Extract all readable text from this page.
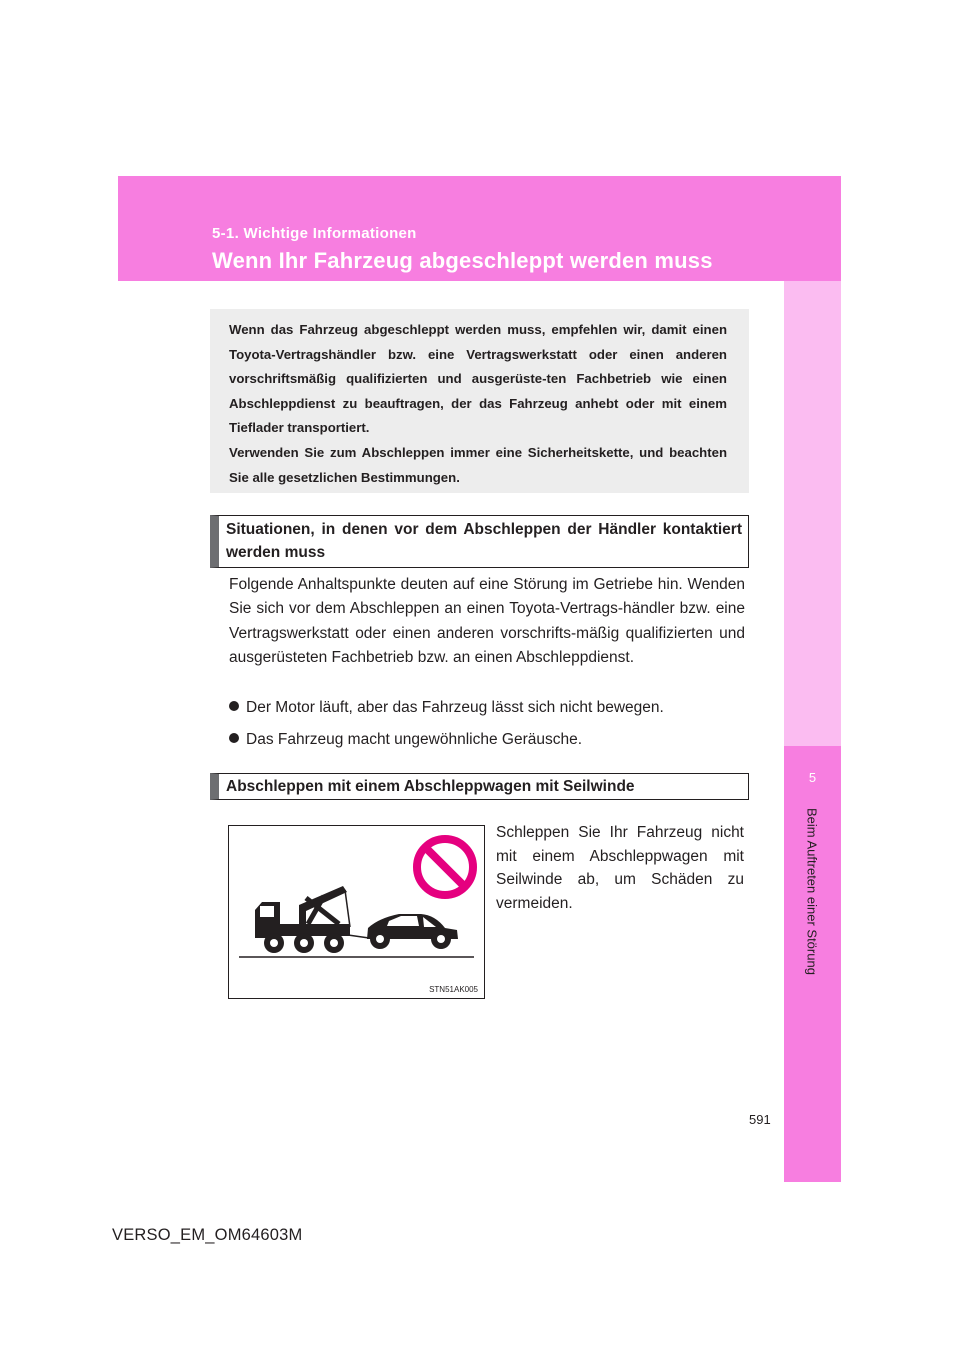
5-1. Wichtige Informationen
Wenn Ihr Fahrzeug abgeschleppt werden muss
5
Beim Auftreten einer Störung

Wenn das Fahrzeug abgeschleppt werden muss, empfehlen wir, damit einen Toyota-Vertragshändler bzw. eine Vertragswerkstatt oder einen anderen vorschriftsmäßig qualifizierten und ausgerüste-ten Fachbetrieb wie einen Abschleppdienst zu beauftragen, der das Fahrzeug anhebt oder mit einem Tieflader transportiert.

Verwenden Sie zum Abschleppen immer eine Sicherheitskette, und beachten Sie alle gesetzlichen Bestimmungen.

Situationen, in denen vor dem Abschleppen der Händler kontaktiert werden muss
Folgende Anhaltspunkte deuten auf eine Störung im Getriebe hin. Wenden Sie sich vor dem Abschleppen an einen Toyota-Vertrags-händler bzw. eine Vertragswerkstatt oder einen anderen vorschrifts-mäßig qualifizierten und ausgerüsteten Fachbetrieb bzw. an einen Abschleppdienst.
Der Motor läuft, aber das Fahrzeug lässt sich nicht bewegen.
Das Fahrzeug macht ungewöhnliche Geräusche.
Abschleppen mit einem Abschleppwagen mit Seilwinde
STN51AK005
Schleppen Sie Ihr Fahrzeug nicht mit einem Abschleppwagen mit Seilwinde ab, um Schäden zu vermeiden.
591
VERSO_EM_OM64603M
